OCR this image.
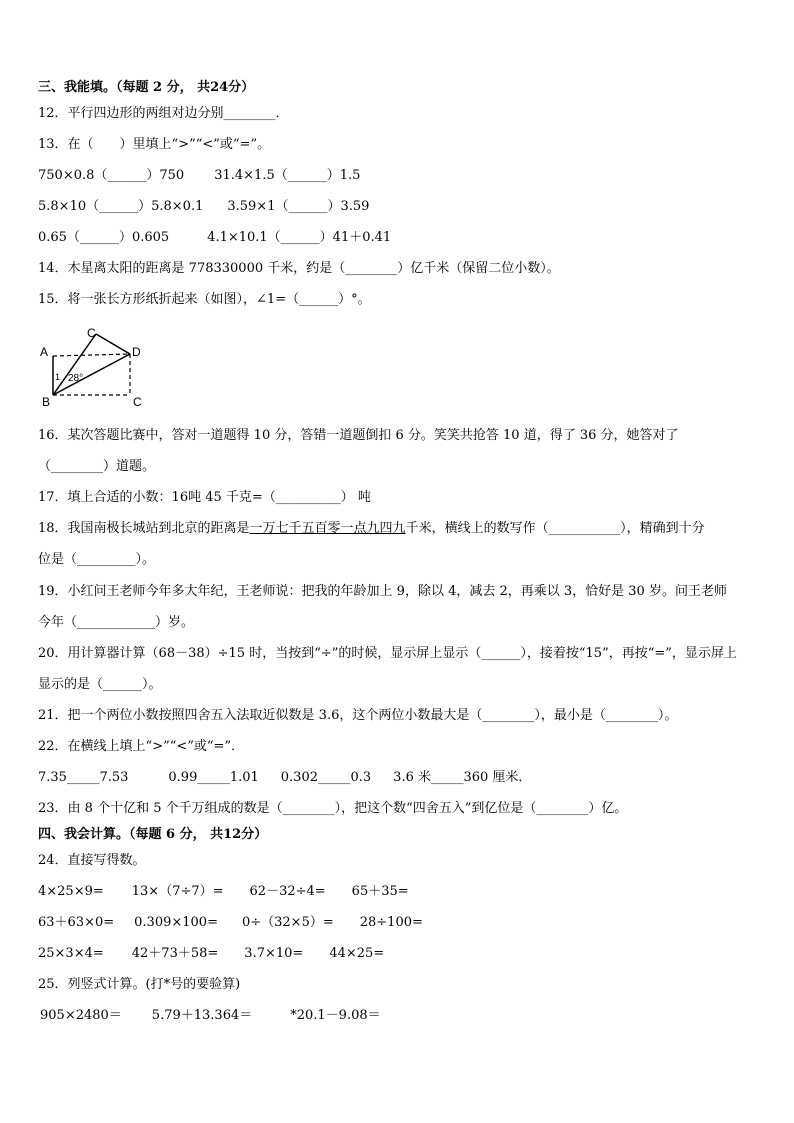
三、我能填。（每题 2 分， 共24分）
12．平行四边形的两组对边分别________．
13．在（　　）里填上“>”“<”或“=”。
750×0.8（______）750 31.4×1.5（______）1.5
5.8×10（______）5.8×0.1 3.59×1（______）3.59
0.65（______）0.605	4.1×10.1（______）41＋0.41
14．木星离太阳的距离是 778330000 千米，约是（________）亿千米（保留二位小数）。
15．将一张长方形纸折起来（如图），∠1=（______）°。
A
B
C
C
D
1 28°
16．某次答题比赛中，答对一道题得 10 分，答错一道题倒扣 6 分。笑笑共抢答 10 道，得了 36 分，她答对了
（________）道题。
17．填上合适的小数：16吨 45 千克=（__________） 吨
18．我国南极长城站到北京的距离是一万七千五百零一点九四九千米，横线上的数写作（___________），精确到十分
位是（_________）。
19．小红问王老师今年多大年纪，王老师说：把我的年龄加上 9，除以 4，减去 2，再乘以 3，恰好是 30 岁。问王老师
今年（____________）岁。
20．用计算器计算（68－38）÷15 时，当按到“÷”的时候，显示屏上显示（______），接着按“15”，再按“=”，显示屏上
显示的是（______）。
21．把一个两位小数按照四舍五入法取近似数是 3.6，这个两位小数最大是（________），最小是（________）。
22．在横线上填上“>”“<”或“=”．
7.35_____7.53	0.99_____1.01 0.302_____0.3 3.6 米_____360 厘米．
23．由 8 个十亿和 5 个千万组成的数是（________），把这个数“四舍五入”到亿位是（________）亿。
四、我会计算。（每题 6 分， 共12分）
24．直接写得数。
4×25×9= 13×（7÷7）= 62－32÷4= 65＋35=
63＋63×0= 0.309×100= 0÷（32×5）= 28÷100=
25×3×4= 42＋73＋58= 3.7×10= 44×25=
25．列竖式计算。(打*号的要验算)
905×2480＝ 5.79＋13.364＝	*20.1－9.08＝
